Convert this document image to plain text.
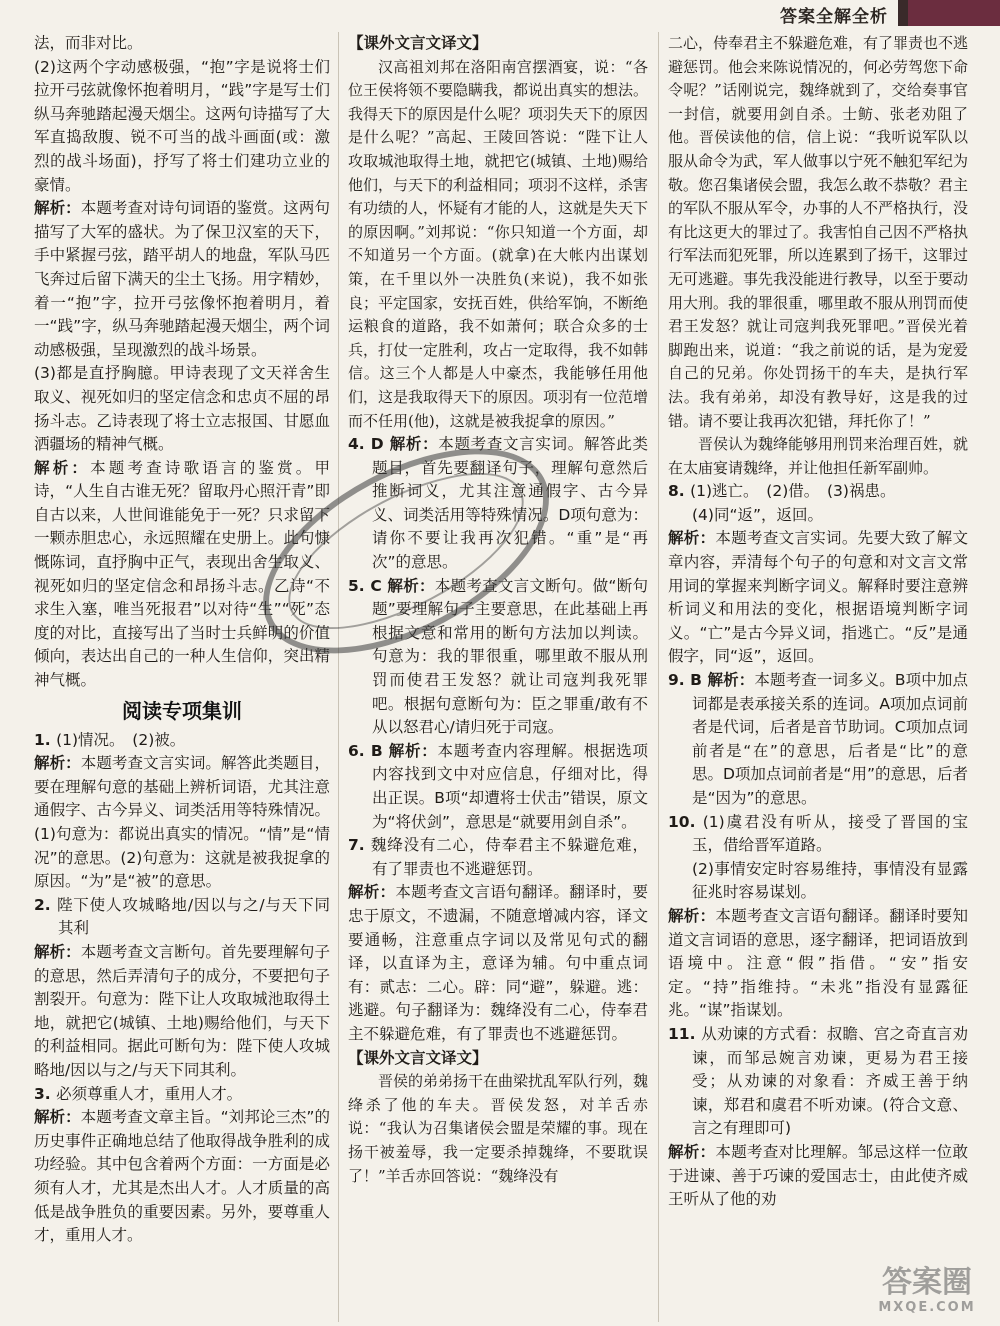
答案全解全析

法，而非对比。

(2)这两个字动感极强，“抱”字是说将士们拉开弓弦就像怀抱着明月，“践”字是写士们纵马奔驰踏起漫天烟尘。这两句诗描写了大军直捣敌腹、锐不可当的战斗画面(或：激烈的战斗场面)，抒写了将士们建功立业的豪情。

解析：本题考查对诗句词语的鉴赏。这两句描写了大军的盛状。为了保卫汉室的天下，手中紧握弓弦，踏平胡人的地盘，军队马匹飞奔过后留下满天的尘土飞扬。用字精妙，着一“抱”字，拉开弓弦像怀抱着明月，着一“践”字，纵马奔驰踏起漫天烟尘，两个词动感极强，呈现激烈的战斗场景。

(3)都是直抒胸臆。甲诗表现了文天祥舍生取义、视死如归的坚定信念和忠贞不屈的昂扬斗志。乙诗表现了将士立志报国、甘愿血洒疆场的精神气概。

解析：本题考查诗歌语言的鉴赏。甲诗，“人生自古谁无死？留取丹心照汗青”即自古以来，人世间谁能免于一死？只求留下一颗赤胆忠心，永远照耀在史册上。此句慷慨陈词，直抒胸中正气，表现出舍生取义、视死如归的坚定信念和昂扬斗志。乙诗“不求生入塞，唯当死报君”以对待“生”“死”态度的对比，直接写出了当时士兵鲜明的价值倾向，表达出自己的一种人生信仰，突出精神气概。

阅读专项集训

1. (1)情况。　(2)被。

解析：本题考查文言实词。解答此类题目，要在理解句意的基础上辨析词语，尤其注意通假字、古今异义、词类活用等特殊情况。(1)句意为：都说出真实的情况。“情”是“情况”的意思。(2)句意为：这就是被我捉拿的原因。“为”是“被”的意思。

2. 陛下使人攻城略地/因以与之/与天下同其利

解析：本题考查文言断句。首先要理解句子的意思，然后弄清句子的成分，不要把句子割裂开。句意为：陛下让人攻取城池取得土地，就把它(城镇、土地)赐给他们，与天下的利益相同。据此可断句为：陛下使人攻城略地/因以与之/与天下同其利。

3. 必须尊重人才，重用人才。

解析：本题考查文章主旨。“刘邦论三杰”的历史事件正确地总结了他取得战争胜利的成功经验。其中包含着两个方面：一方面是必须有人才，尤其是杰出人才。人才质量的高低是战争胜负的重要因素。另外，要尊重人才，重用人才。

【课外文言文译文】

汉高祖刘邦在洛阳南宫摆酒宴，说：“各位王侯将领不要隐瞒我，都说出真实的想法。我得天下的原因是什么呢？项羽失天下的原因是什么呢？”高起、王陵回答说：“陛下让人攻取城池取得土地，就把它(城镇、土地)赐给他们，与天下的利益相同；项羽不这样，杀害有功绩的人，怀疑有才能的人，这就是失天下的原因啊。”刘邦说：“你只知道一个方面，却不知道另一个方面。(就拿)在大帐内出谋划策，在千里以外一决胜负(来说)，我不如张良；平定国家，安抚百姓，供给军饷，不断绝运粮食的道路，我不如萧何；联合众多的士兵，打仗一定胜利，攻占一定取得，我不如韩信。这三个人都是人中豪杰，我能够任用他们，这是我取得天下的原因。项羽有一位范增而不任用(他)，这就是被我捉拿的原因。”

4. D 解析：本题考查文言实词。解答此类题目，首先要翻译句子，理解句意然后推断词义，尤其注意通假字、古今异义、词类活用等特殊情况。D项句意为：请你不要让我再次犯错。“重”是“再次”的意思。

5. C 解析：本题考查文言文断句。做“断句题”要理解句子主要意思，在此基础上再根据文意和常用的断句方法加以判读。句意为：我的罪很重，哪里敢不服从刑罚而使君王发怒？就让司寇判我死罪吧。根据句意断句为：臣之罪重/敢有不从以怒君心/请归死于司寇。

6. B 解析：本题考查内容理解。根据选项内容找到文中对应信息，仔细对比，得出正误。B项“却遭将士伏击”错误，原文为“将伏剑”，意思是“就要用剑自杀”。

7. 魏绛没有二心，侍奉君主不躲避危难，有了罪责也不逃避惩罚。

解析：本题考查文言语句翻译。翻译时，要忠于原文，不遗漏，不随意增减内容，译文要通畅，注意重点字词以及常见句式的翻译，以直译为主，意译为辅。句中重点词有：贰志：二心。辟：同“避”，躲避。逃：逃避。句子翻译为：魏绛没有二心，侍奉君主不躲避危难，有了罪责也不逃避惩罚。

【课外文言文译文】

晋侯的弟弟扬干在曲梁扰乱军队行列，魏绛杀了他的车夫。晋侯发怒，对羊舌赤说：“我认为召集诸侯会盟是荣耀的事。现在扬干被羞辱，我一定要杀掉魏绛，不要耽误了！”羊舌赤回答说：“魏绛没有

二心，侍奉君主不躲避危难，有了罪责也不逃避惩罚。他会来陈说情况的，何必劳驾您下命令呢？”话刚说完，魏绛就到了，交给奏事官一封信，就要用剑自杀。士鲂、张老劝阻了他。晋侯读他的信，信上说：“我听说军队以服从命令为武，军人做事以宁死不触犯军纪为敬。您召集诸侯会盟，我怎么敢不恭敬？君主的军队不服从军令，办事的人不严格执行，没有比这更大的罪过了。我害怕自己因不严格执行军法而犯死罪，所以连累到了扬干，这罪过无可逃避。事先我没能进行教导，以至于要动用大刑。我的罪很重，哪里敢不服从刑罚而使君王发怒？就让司寇判我死罪吧。”晋侯光着脚跑出来，说道：“我之前说的话，是为宠爱自己的兄弟。你处罚扬干的车夫，是执行军法。我有弟弟，却没有教导好，这是我的过错。请不要让我再次犯错，拜托你了！”

晋侯认为魏绛能够用刑罚来治理百姓，就在太庙宴请魏绛，并让他担任新军副帅。

8. (1)逃亡。　(2)借。　(3)祸患。

(4)同“返”，返回。

解析：本题考查文言实词。先要大致了解文章内容，弄清每个句子的句意和对文言文常用词的掌握来判断字词义。解释时要注意辨析词义和用法的变化，根据语境判断字词义。“亡”是古今异义词，指逃亡。“反”是通假字，同“返”，返回。

9. B 解析：本题考查一词多义。B项中加点词都是表承接关系的连词。A项加点词前者是代词，后者是音节助词。C项加点词前者是“在”的意思，后者是“比”的意思。D项加点词前者是“用”的意思，后者是“因为”的意思。

10. (1)虞君没有听从，接受了晋国的宝玉，借给晋军道路。

(2)事情安定时容易维持，事情没有显露征兆时容易谋划。

解析：本题考查文言语句翻译。翻译时要知道文言词语的意思，逐字翻译，把词语放到语境中。注意“假”指借。“安”指安定。“持”指维持。“未兆”指没有显露征兆。“谋”指谋划。

11. 从劝谏的方式看：叔瞻、宫之奇直言劝谏，而邹忌婉言劝谏，更易为君王接受；从劝谏的对象看：齐威王善于纳谏，郑君和虞君不听劝谏。(符合文意、言之有理即可)

解析：本题考查对比理解。邹忌这样一位敢于进谏、善于巧谏的爱国志士，由此使齐威王听从了他的劝

答案圈
MXQE.COM
